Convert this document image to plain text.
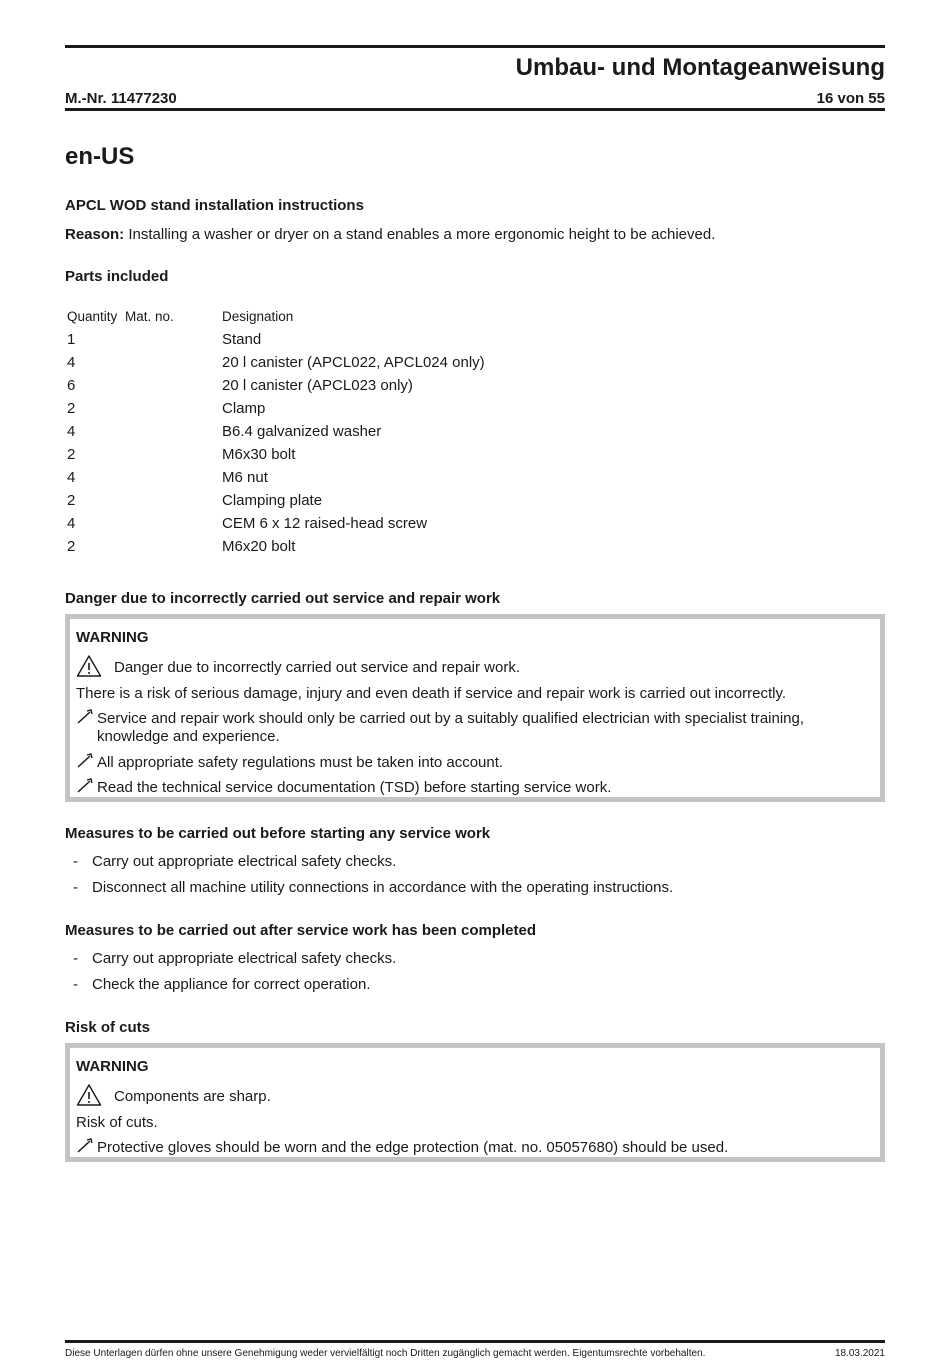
Umbau- und Montageanweisung
M.-Nr. 11477230	16 von 55
en-US
APCL WOD stand installation instructions
Reason: Installing a washer or dryer on a stand enables a more ergonomic height to be achieved.
Parts included
Quantity Mat. no.	Designation
1	Stand
4	20 l canister (APCL022, APCL024 only)
6	20 l canister (APCL023 only)
2	Clamp
4	B6.4 galvanized washer
2	M6x30 bolt
4	M6 nut
2	Clamping plate
4	CEM 6 x 12 raised-head screw
2	M6x20 bolt
Danger due to incorrectly carried out service and repair work
WARNING
Danger due to incorrectly carried out service and repair work.
There is a risk of serious damage, injury and even death if service and repair work is carried out incorrectly.
Service and repair work should only be carried out by a suitably qualified electrician with specialist training, knowledge and experience.
All appropriate safety regulations must be taken into account.
Read the technical service documentation (TSD) before starting service work.
Measures to be carried out before starting any service work
- Carry out appropriate electrical safety checks.
- Disconnect all machine utility connections in accordance with the operating instructions.
Measures to be carried out after service work has been completed
- Carry out appropriate electrical safety checks.
- Check the appliance for correct operation.
Risk of cuts
WARNING
Components are sharp.
Risk of cuts.
Protective gloves should be worn and the edge protection (mat. no. 05057680) should be used.
Diese Unterlagen dürfen ohne unsere Genehmigung weder vervielfältigt noch Dritten zugänglich gemacht werden. Eigentumsrechte vorbehalten.	18.03.2021
